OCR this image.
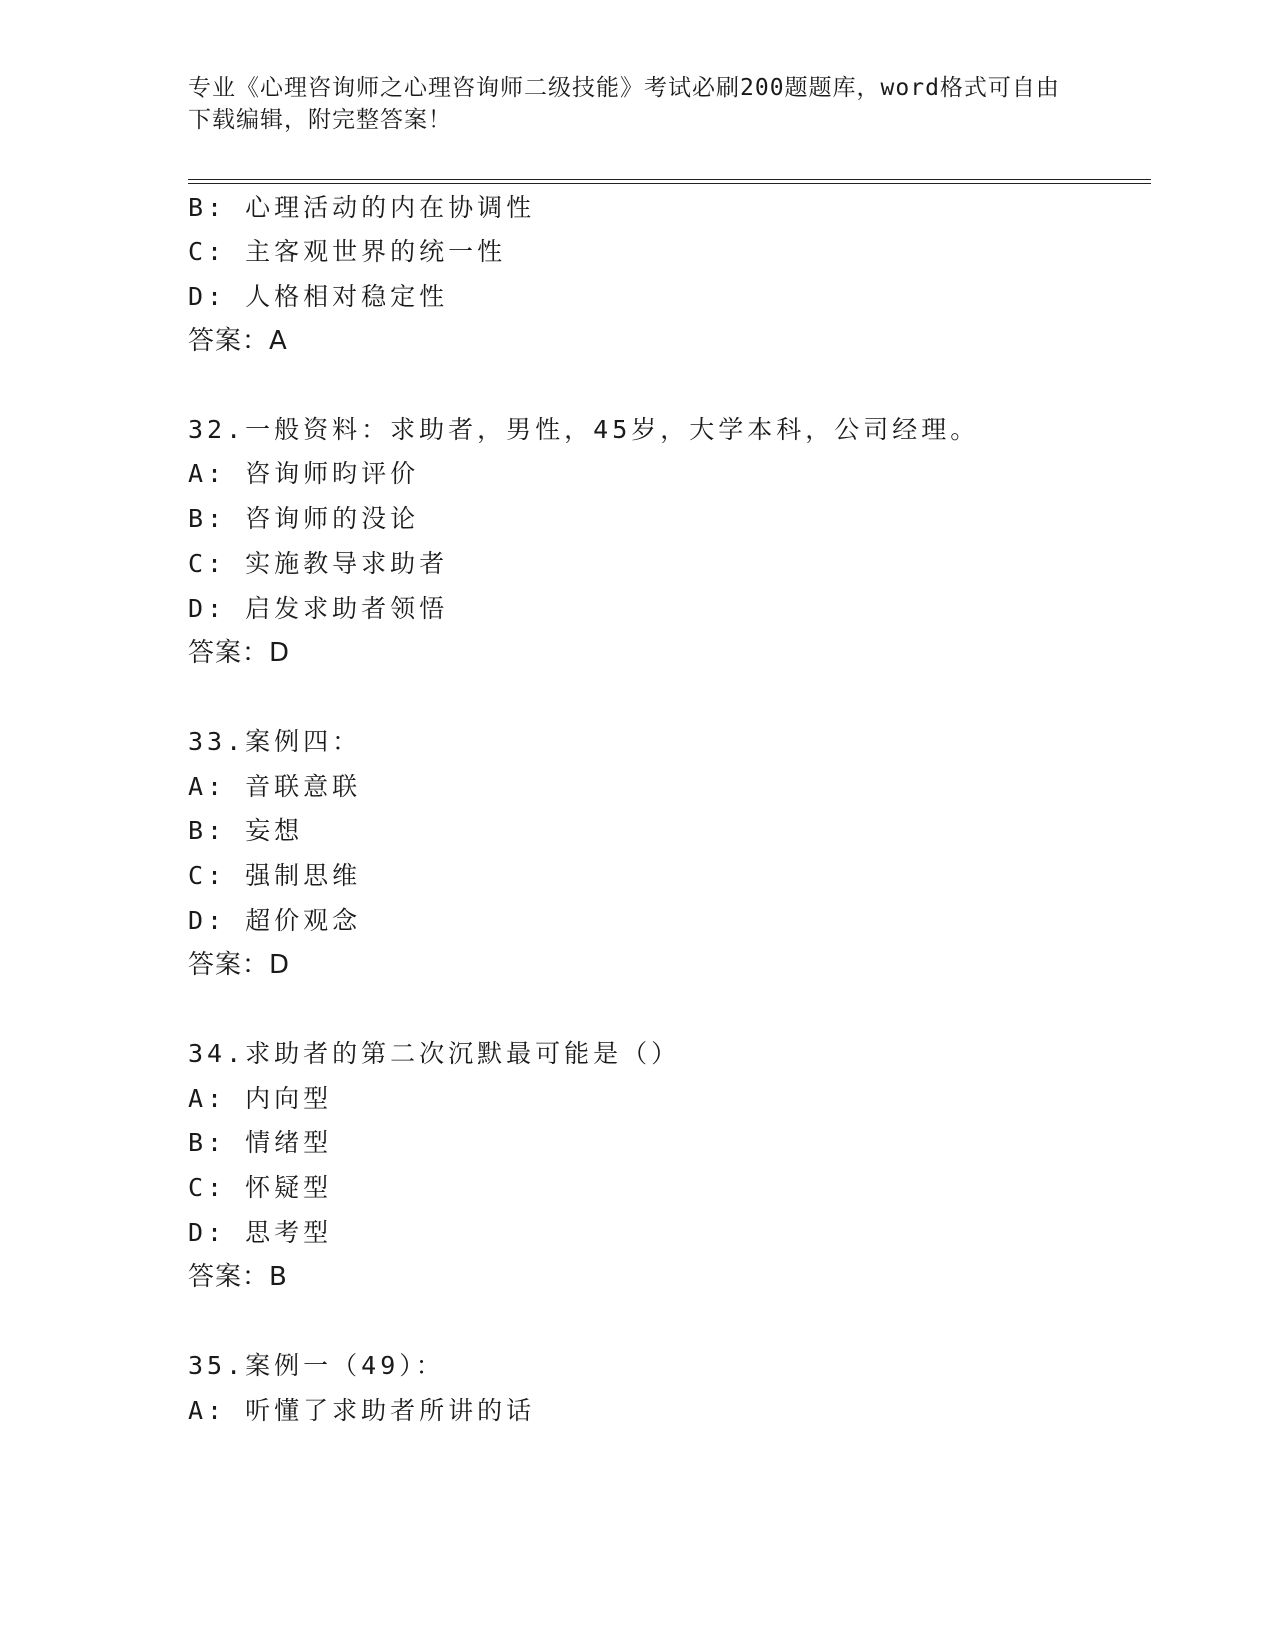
专业《心理咨询师之心理咨询师二级技能》考试必刷200题题库，word格式可自由下载编辑，附完整答案！
B: 心理活动的内在协调性
C: 主客观世界的统一性
D: 人格相对稳定性
答案：A
32.一般资料：求助者，男性，45岁，大学本科，公司经理。
A: 咨询师昀评价
B: 咨询师的没论
C: 实施教导求助者
D: 启发求助者领悟
答案：D
33.案例四：
A: 音联意联
B: 妄想
C: 强制思维
D: 超价观念
答案：D
34.求助者的第二次沉默最可能是（）
A: 内向型
B: 情绪型
C: 怀疑型
D: 思考型
答案：B
35.案例一（49）：
A: 听懂了求助者所讲的话
